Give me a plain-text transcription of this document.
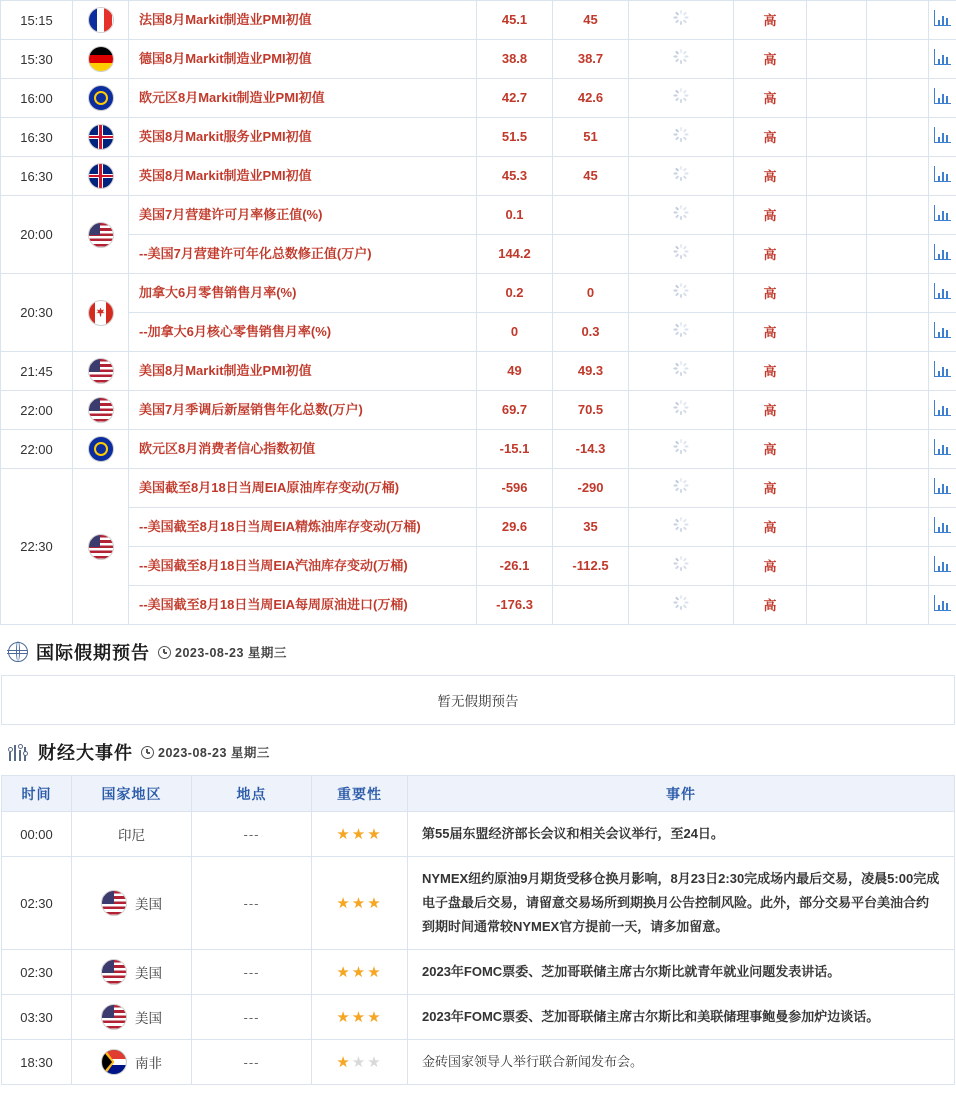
15:15		法国8月Markit制造业PMI初值	45.1	45		高			

15:30		德国8月Markit制造业PMI初值	38.8	38.7		高			

16:00		欧元区8月Markit制造业PMI初值	42.7	42.6		高			

16:30		英国8月Markit服务业PMI初值	51.5	51		高			

16:30		英国8月Markit制造业PMI初值	45.3	45		高			

20:00		美国7月营建许可月率修正值(%)	0.1			高			

		--美国7月营建许可年化总数修正值(万户)	144.2			高			

20:30		加拿大6月零售销售月率(%)	0.2	0		高			

		--加拿大6月核心零售销售月率(%)	0	0.3		高			

21:45		美国8月Markit制造业PMI初值	49	49.3		高			

22:00		美国7月季调后新屋销售年化总数(万户)	69.7	70.5		高			

22:00		欧元区8月消费者信心指数初值	-15.1	-14.3		高			

22:30		美国截至8月18日当周EIA原油库存变动(万桶)	-596	-290		高			

		--美国截至8月18日当周EIA精炼油库存变动(万桶)	29.6	35		高			

		--美国截至8月18日当周EIA汽油库存变动(万桶)	-26.1	-112.5		高			

		--美国截至8月18日当周EIA每周原油进口(万桶)	-176.3			高			
国际假期预告	2023-08-23 星期三
暂无假期预告
财经大事件	2023-08-23 星期三
时间	国家地区	地点	重要性	事件
00:00	印尼	---	★★★	第55届东盟经济部长会议和相关会议举行，至24日。
02:30	美国	---	★★★	NYMEX纽约原油9月期货受移仓换月影响，8月23日2:30完成场内最后交易，凌晨5:00完成电子盘最后交易，请留意交易场所到期换月公告控制风险。此外，部分交易平台美油合约到期时间通常较NYMEX官方提前一天，请多加留意。
02:30	美国	---	★★★	2023年FOMC票委、芝加哥联储主席古尔斯比就青年就业问题发表讲话。
03:30	美国	---	★★★	2023年FOMC票委、芝加哥联储主席古尔斯比和美联储理事鲍曼参加炉边谈话。
18:30	南非	---	★★★	金砖国家领导人举行联合新闻发布会。
